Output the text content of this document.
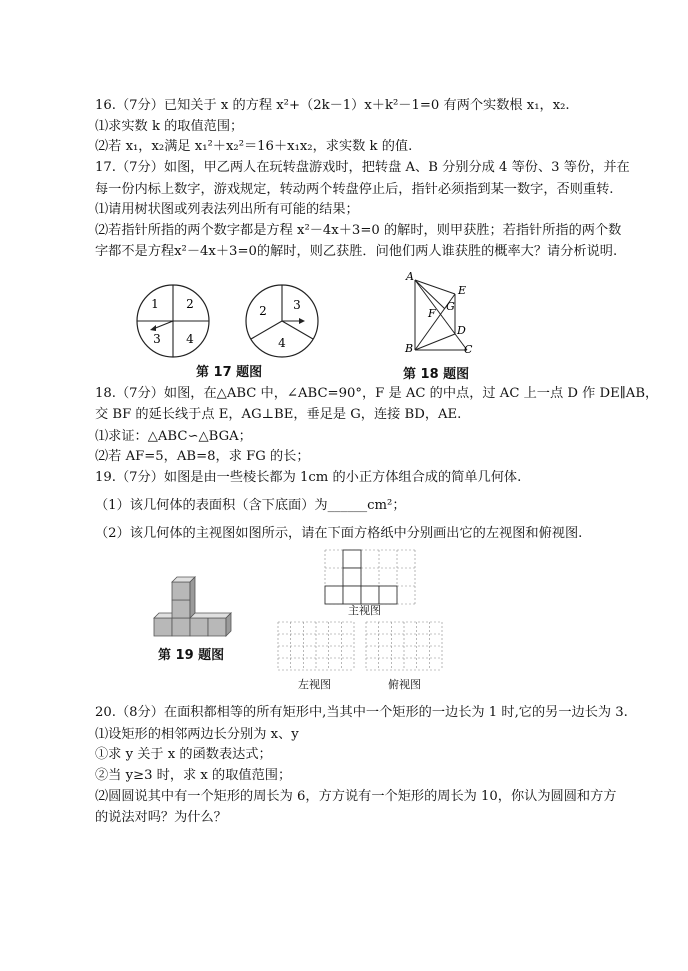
16.（7分）已知关于 x 的方程 x²+（2k－1）x＋k²－1=0 有两个实数根 x₁，x₂.
⑴求实数 k 的取值范围；
⑵若 x₁，x₂满足 x₁²＋x₂²＝16＋x₁x₂，求实数 k 的值.
17.（7分）如图，甲乙两人在玩转盘游戏时，把转盘 A、B 分别分成 4 等份、3 等份，并在
每一份内标上数字，游戏规定，转动两个转盘停止后，指针必须指到某一数字，否则重转.
⑴请用树状图或列表法列出所有可能的结果；
⑵若指针所指的两个数字都是方程 x²－4x＋3=0 的解时，则甲获胜；若指针所指的两个数
字都不是方程x²－4x＋3=0的解时，则乙获胜．问他们两人谁获胜的概率大？请分析说明.
1 2
3 4
3
2
4
第 17 题图
A
E
G
F
D
B	C
第 18 题图
18.（7分）如图，在△ABC 中，∠ABC=90°，F 是 AC 的中点，过 AC 上一点 D 作 DE∥AB，
交 BF 的延长线于点 E，AG⊥BE，垂足是 G，连接 BD，AE.
⑴求证：△ABC∽△BGA；
⑵若 AF=5，AB=8，求 FG 的长；
19.（7分）如图是由一些棱长都为 1cm 的小正方体组合成的简单几何体.
（1）该几何体的表面积（含下底面）为______cm²；
（2）该几何体的主视图如图所示，请在下面方格纸中分别画出它的左视图和俯视图.
第 19 题图
主视图
左视图	俯视图
20.（8分）在面积都相等的所有矩形中,当其中一个矩形的一边长为 1 时,它的另一边长为 3.
⑴设矩形的相邻两边长分别为 x、y
①求 y 关于 x 的函数表达式；
②当 y≥3 时，求 x 的取值范围；
⑵圆圆说其中有一个矩形的周长为 6，方方说有一个矩形的周长为 10，你认为圆圆和方方
的说法对吗？为什么？
